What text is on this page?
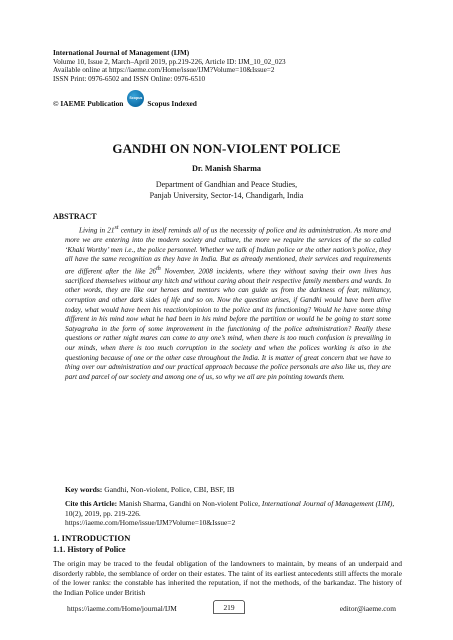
International Journal of Management (IJM)
Volume 10, Issue 2, March–April 2019, pp.219-226, Article ID: IJM_10_02_023
Available online at https://iaeme.com/Home/issue/IJM?Volume=10&Issue=2
ISSN Print: 0976-6502 and ISSN Online: 0976-6510
© IAEME Publication
Scopus
Scopus Indexed
GANDHI ON NON-VIOLENT POLICE
Dr. Manish Sharma
Department of Gandhian and Peace Studies,
Panjab University, Sector-14, Chandigarh, India
ABSTRACT

Living in 21st century in itself reminds all of us the necessity of police and its administration. As more and more we are entering into the modern society and culture, the more we require the services of the so called ‘Khaki Worthy’ men i.e., the police personnel. Whether we talk of Indian police or the other nation’s police, they all have the same recognition as they have in India. But as already mentioned, their services and requirements are different after the like 26th November, 2008 incidents, where they without saving their own lives has sacrificed themselves without any hitch and without caring about their respective family members and wards. In other words, they are like our heroes and mentors who can guide us from the darkness of fear, militancy, corruption and other dark sides of life and so on. Now the question arises, if Gandhi would have been alive today, what would have been his reaction/opinion to the police and its functioning? Would he have some thing different in his mind now what he had been in his mind before the partition or would he be going to start some Satyagraha in the form of some improvement in the functioning of the police administration? Really these questions or rather night mares can come to any one’s mind, when there is too much confusion is prevailing in our minds, when there is too much corruption in the society and when the polices working is also in the questioning because of one or the other case throughout the India. It is matter of great concern that we have to thing over our administration and our practical approach because the police personals are also like us, they are part and parcel of our society and among one of us, so why we all are pin pointing towards them.

Key words: Gandhi, Non-violent, Police, CBI, BSF, IB
Cite this Article: Manish Sharma, Gandhi on Non-violent Police, International Journal of Management (IJM), 10(2), 2019, pp. 219-226.
https://iaeme.com/Home/issue/IJM?Volume=10&Issue=2
1. INTRODUCTION
1.1. History of Police

The origin may be traced to the feudal obligation of the landowners to maintain, by means of an underpaid and disorderly rabble, the semblance of order on their estates. The taint of its earliest antecedents still affects the morale of the lower ranks: the constable has inherited the reputation, if not the methods, of the barkandaz. The history of the Indian Police under British

https://iaeme.com/Home/journal/IJM	219	editor@iaeme.com
